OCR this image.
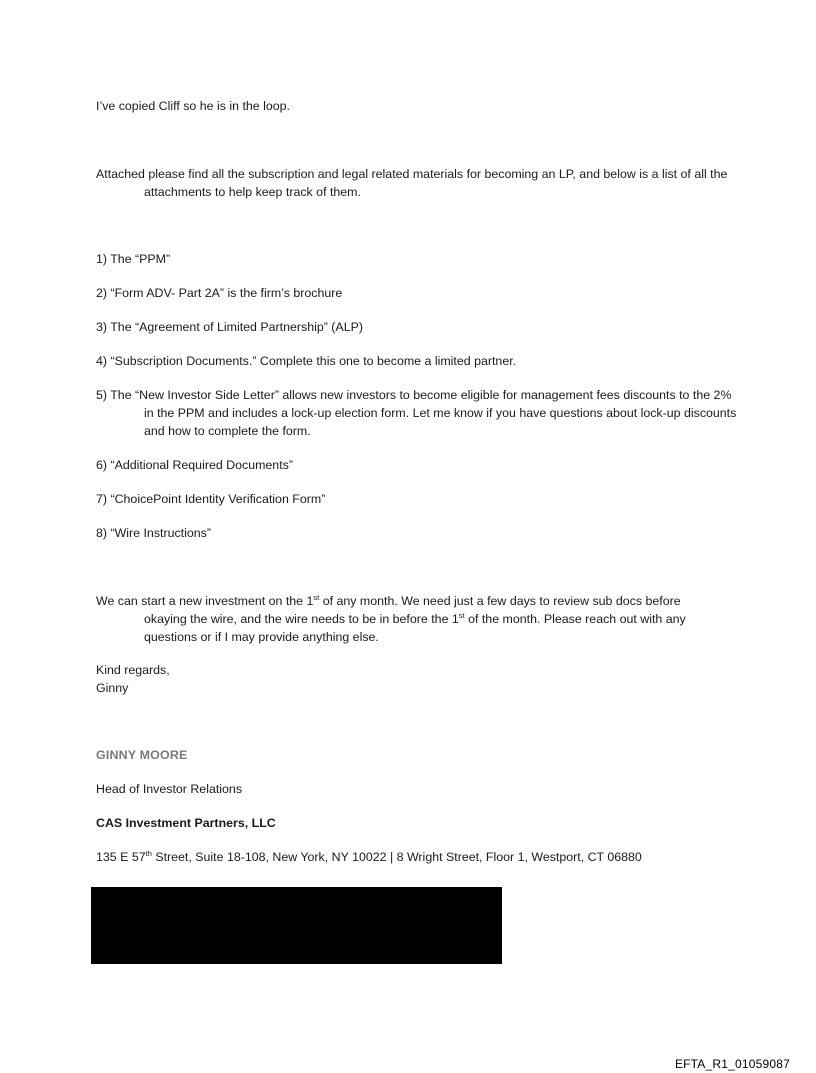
I’ve copied Cliff so he is in the loop.
Attached please find all the subscription and legal related materials for becoming an LP, and below is a list of all the attachments to help keep track of them.
1) The “PPM”
2) “Form ADV- Part 2A” is the firm’s brochure
3) The “Agreement of Limited Partnership” (ALP)
4) “Subscription Documents.” Complete this one to become a limited partner.
5) The “New Investor Side Letter” allows new investors to become eligible for management fees discounts to the 2% in the PPM and includes a lock-up election form. Let me know if you have questions about lock-up discounts and how to complete the form.
6) “Additional Required Documents”
7) “ChoicePoint Identity Verification Form”
8) “Wire Instructions”
We can start a new investment on the 1st of any month. We need just a few days to review sub docs before okaying the wire, and the wire needs to be in before the 1st of the month. Please reach out with any questions or if I may provide anything else.
Kind regards,
Ginny
GINNY MOORE
Head of Investor Relations
CAS Investment Partners, LLC
135 E 57th Street, Suite 18-108, New York, NY 10022 | 8 Wright Street, Floor 1, Westport, CT 06880
EFTA_R1_01059087
